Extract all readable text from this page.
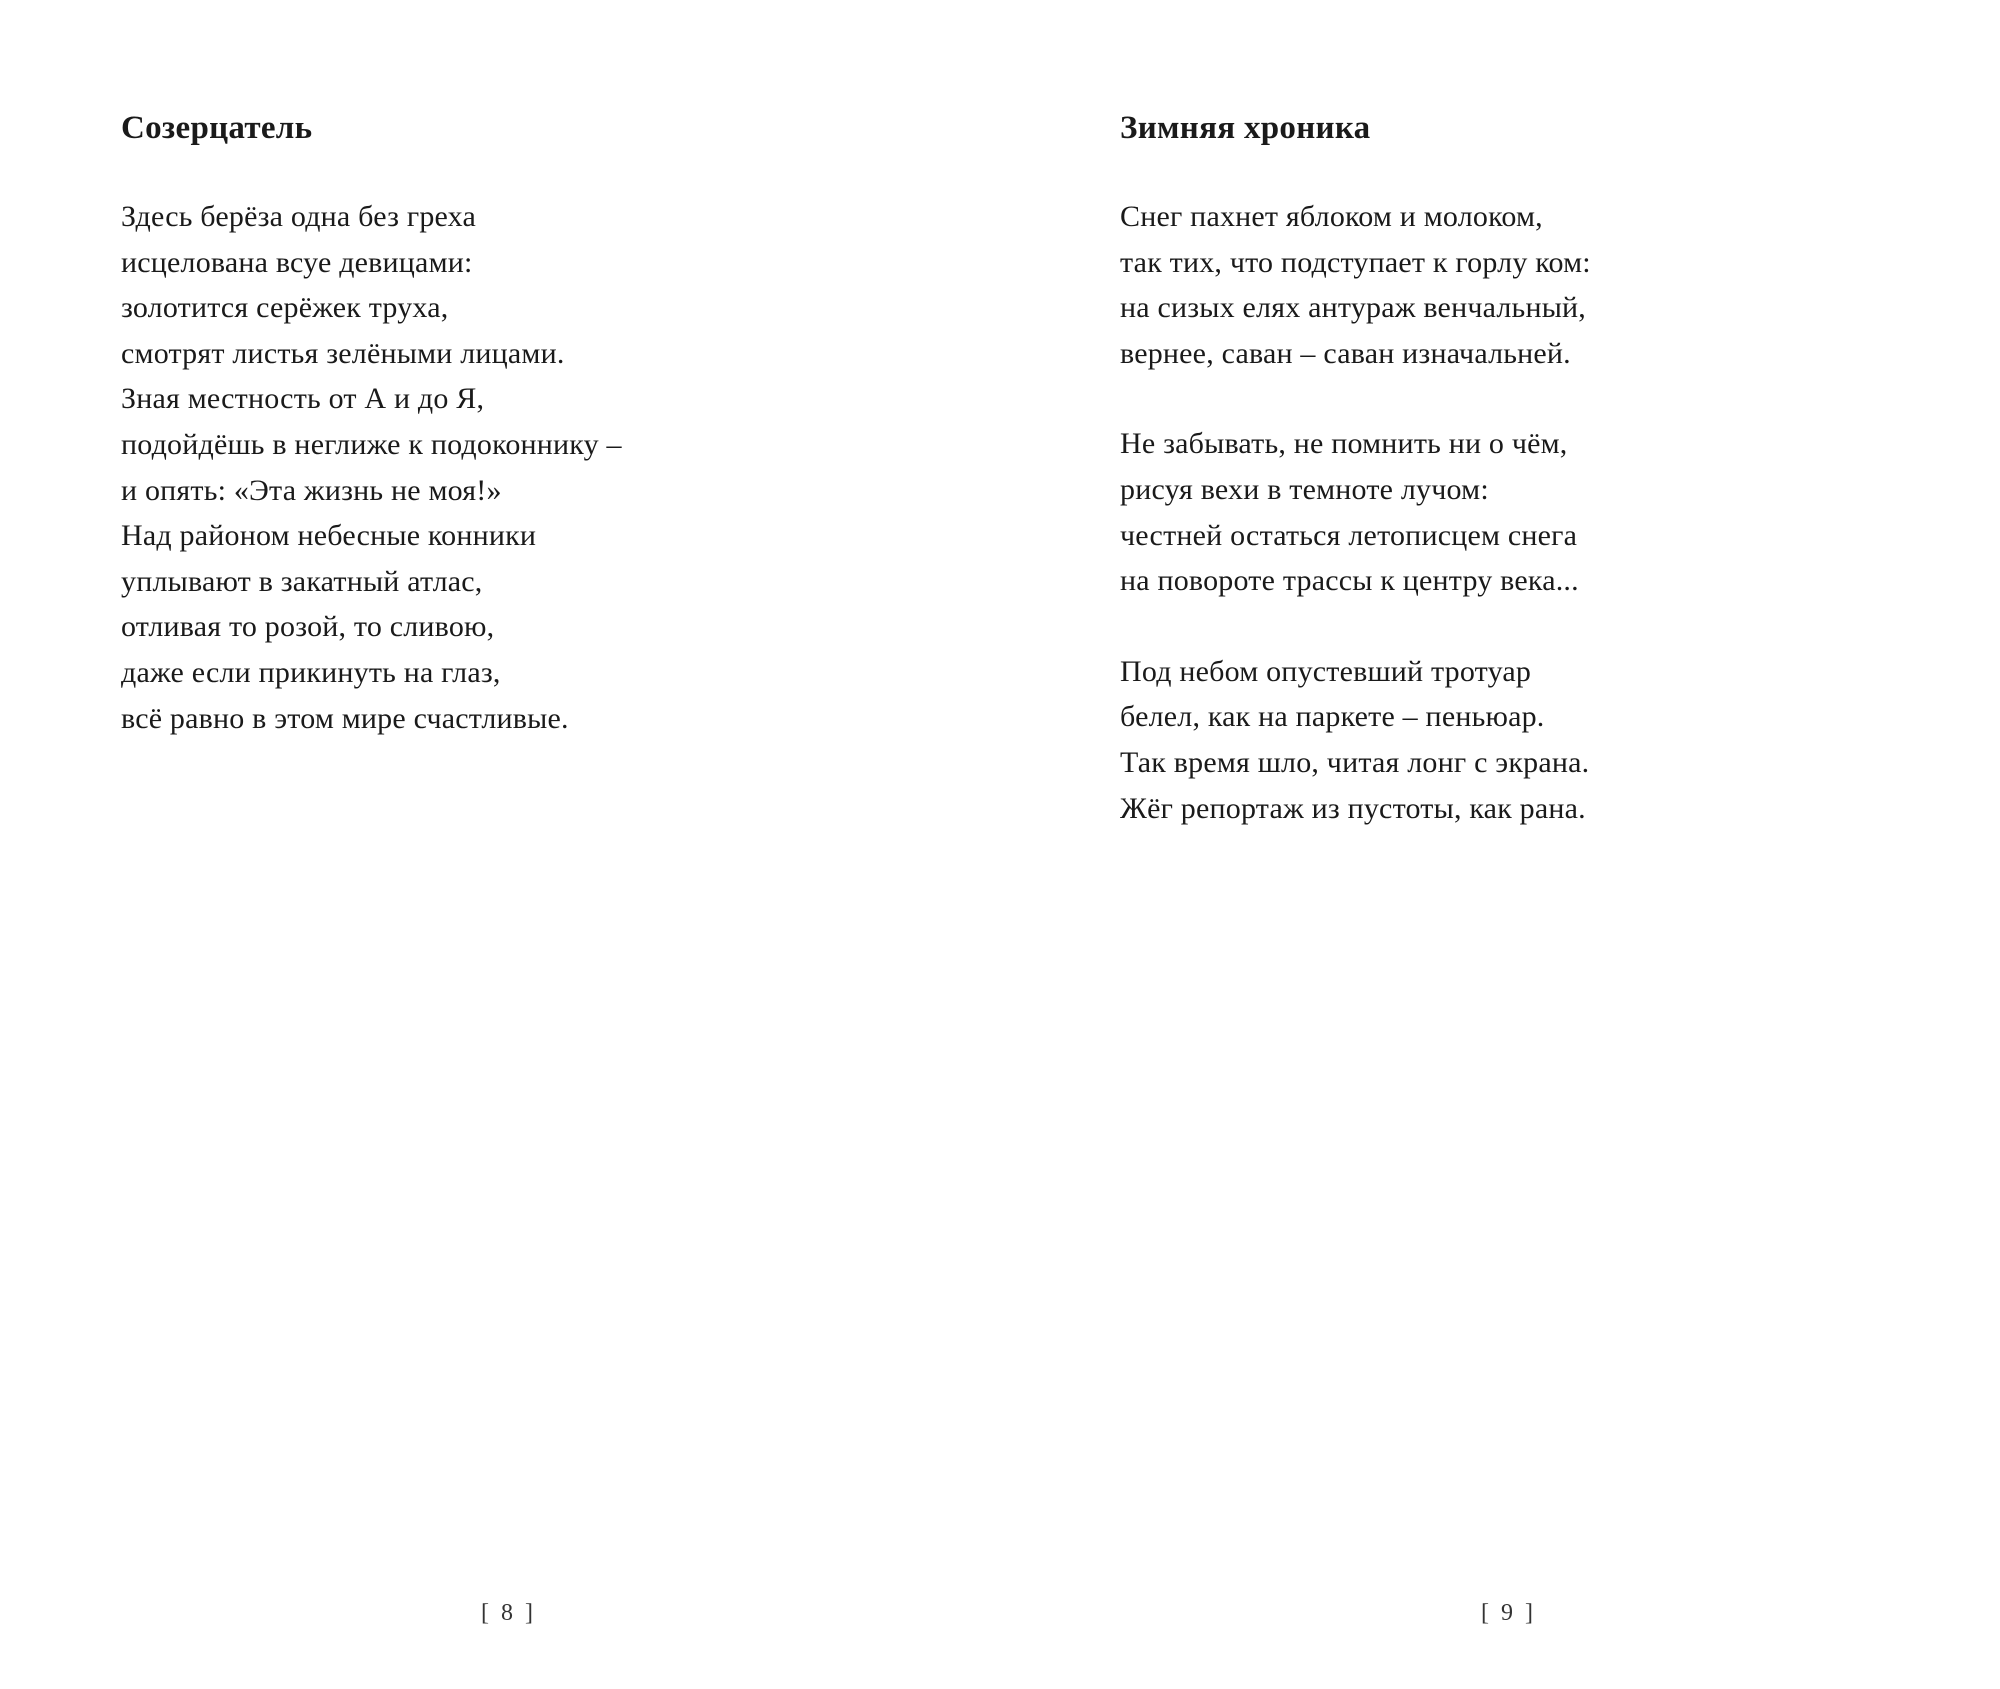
Созерцатель
Здесь берёза одна без греха
исцелована всуе девицами:
золотится серёжек труха,
смотрят листья зелёными лицами.
Зная местность от А и до Я,
подойдёшь в неглиже к подоконнику –
и опять: «Эта жизнь не моя!»
Над районом небесные конники
уплывают в закатный атлас,
отливая то розой, то сливою,
даже если прикинуть на глаз,
всё равно в этом мире счастливые.
[ 8 ]
Зимняя хроника
Снег пахнет яблоком и молоком,
так тих, что подступает к горлу ком:
на сизых елях антураж венчальный,
вернее, саван – саван изначальней.
Не забывать, не помнить ни о чём,
рисуя вехи в темноте лучом:
честней остаться летописцем снега
на повороте трассы к центру века...
Под небом опустевший тротуар
белел, как на паркете – пеньюар.
Так время шло, читая лонг с экрана.
Жёг репортаж из пустоты, как рана.
[ 9 ]
